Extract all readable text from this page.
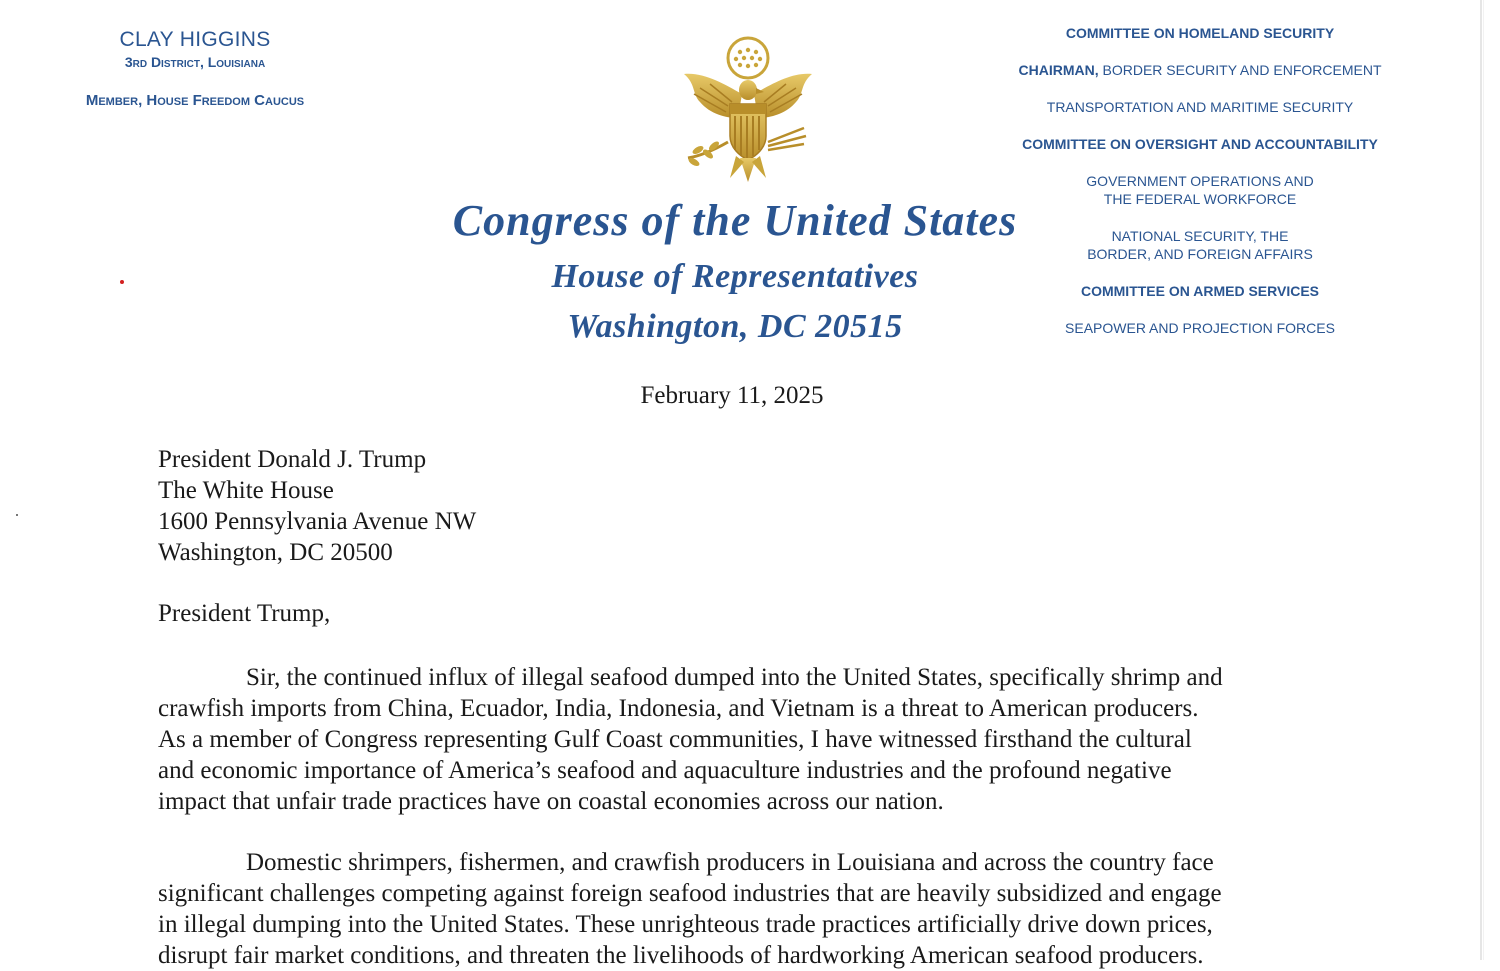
CLAY HIGGINS
3rd District, Louisiana
Member, House Freedom Caucus
Congress of the United States
House of Representatives
Washington, DC 20515
COMMITTEE ON HOMELAND SECURITY
CHAIRMAN, BORDER SECURITY AND ENFORCEMENT
TRANSPORTATION AND MARITIME SECURITY
COMMITTEE ON OVERSIGHT AND ACCOUNTABILITY
GOVERNMENT OPERATIONS AND
THE FEDERAL WORKFORCE
NATIONAL SECURITY, THE
BORDER, AND FOREIGN AFFAIRS
COMMITTEE ON ARMED SERVICES
SEAPOWER AND PROJECTION FORCES
February 11, 2025
President Donald J. Trump
The White House
1600 Pennsylvania Avenue NW
Washington, DC 20500
President Trump,
Sir, the continued influx of illegal seafood dumped into the United States, specifically shrimp and
crawfish imports from China, Ecuador, India, Indonesia, and Vietnam is a threat to American producers.
As a member of Congress representing Gulf Coast communities, I have witnessed firsthand the cultural
and economic importance of America’s seafood and aquaculture industries and the profound negative
impact that unfair trade practices have on coastal economies across our nation.
Domestic shrimpers, fishermen, and crawfish producers in Louisiana and across the country face
significant challenges competing against foreign seafood industries that are heavily subsidized and engage
in illegal dumping into the United States. These unrighteous trade practices artificially drive down prices,
disrupt fair market conditions, and threaten the livelihoods of hardworking American seafood producers.
